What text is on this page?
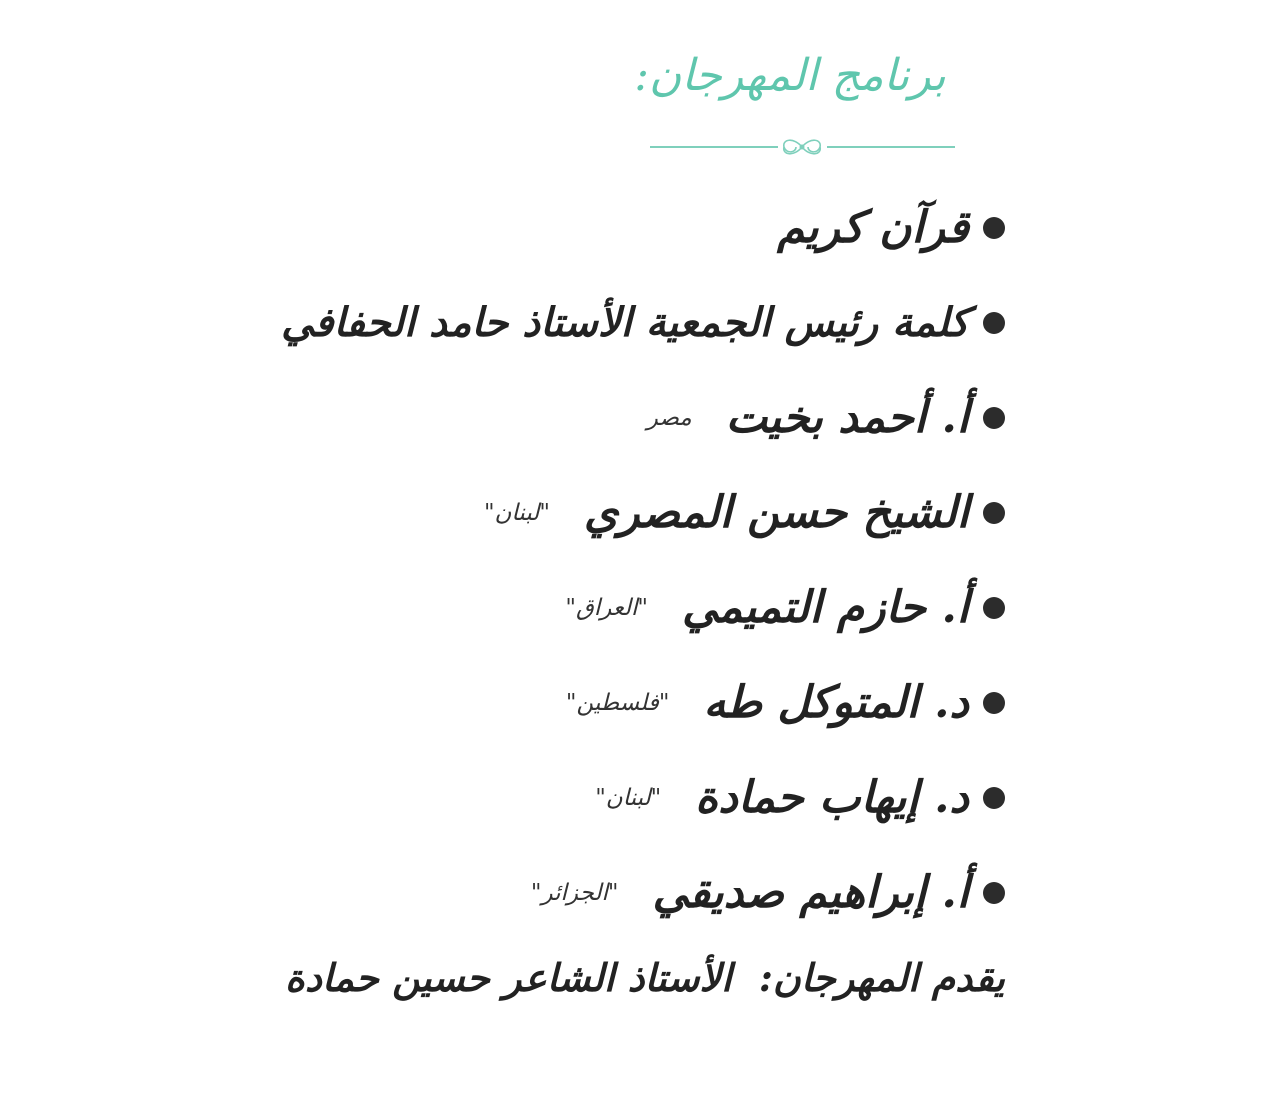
برنامج المهرجان:
قرآن كريم
كلمة رئيس الجمعية الأستاذ حامد الحفافي
أ. أحمد بخيت
مصر
الشيخ حسن المصري
"لبنان"
أ. حازم التميمي
"العراق"
د. المتوكل طه
"فلسطين"
د. إيهاب حمادة
"لبنان"
أ. إبراهيم صديقي
"الجزائر"
يقدم المهرجان: الأستاذ الشاعر حسين حمادة
